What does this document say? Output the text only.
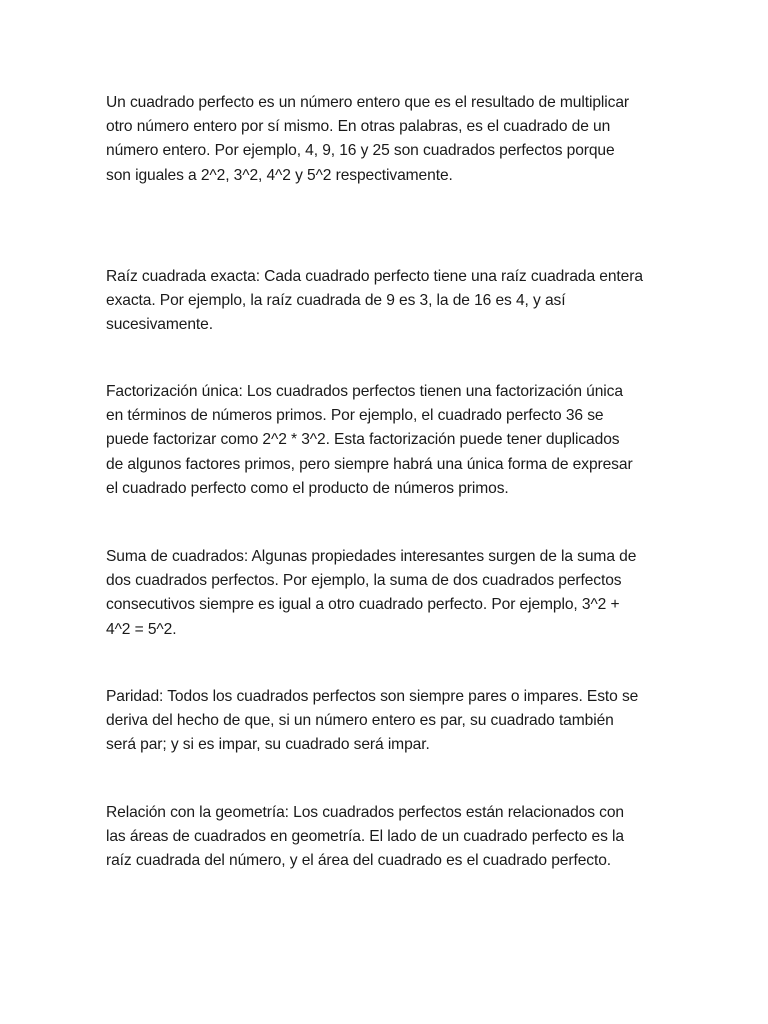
Un cuadrado perfecto es un número entero que es el resultado de multiplicar
otro número entero por sí mismo. En otras palabras, es el cuadrado de un
número entero. Por ejemplo, 4, 9, 16 y 25 son cuadrados perfectos porque
son iguales a 2^2, 3^2, 4^2 y 5^2 respectivamente.

Raíz cuadrada exacta: Cada cuadrado perfecto tiene una raíz cuadrada entera
exacta. Por ejemplo, la raíz cuadrada de 9 es 3, la de 16 es 4, y así
sucesivamente.

Factorización única: Los cuadrados perfectos tienen una factorización única
en términos de números primos. Por ejemplo, el cuadrado perfecto 36 se
puede factorizar como 2^2 * 3^2. Esta factorización puede tener duplicados
de algunos factores primos, pero siempre habrá una única forma de expresar
el cuadrado perfecto como el producto de números primos.

Suma de cuadrados: Algunas propiedades interesantes surgen de la suma de
dos cuadrados perfectos. Por ejemplo, la suma de dos cuadrados perfectos
consecutivos siempre es igual a otro cuadrado perfecto. Por ejemplo, 3^2 +
4^2 = 5^2.

Paridad: Todos los cuadrados perfectos son siempre pares o impares. Esto se
deriva del hecho de que, si un número entero es par, su cuadrado también
será par; y si es impar, su cuadrado será impar.

Relación con la geometría: Los cuadrados perfectos están relacionados con
las áreas de cuadrados en geometría. El lado de un cuadrado perfecto es la
raíz cuadrada del número, y el área del cuadrado es el cuadrado perfecto.
